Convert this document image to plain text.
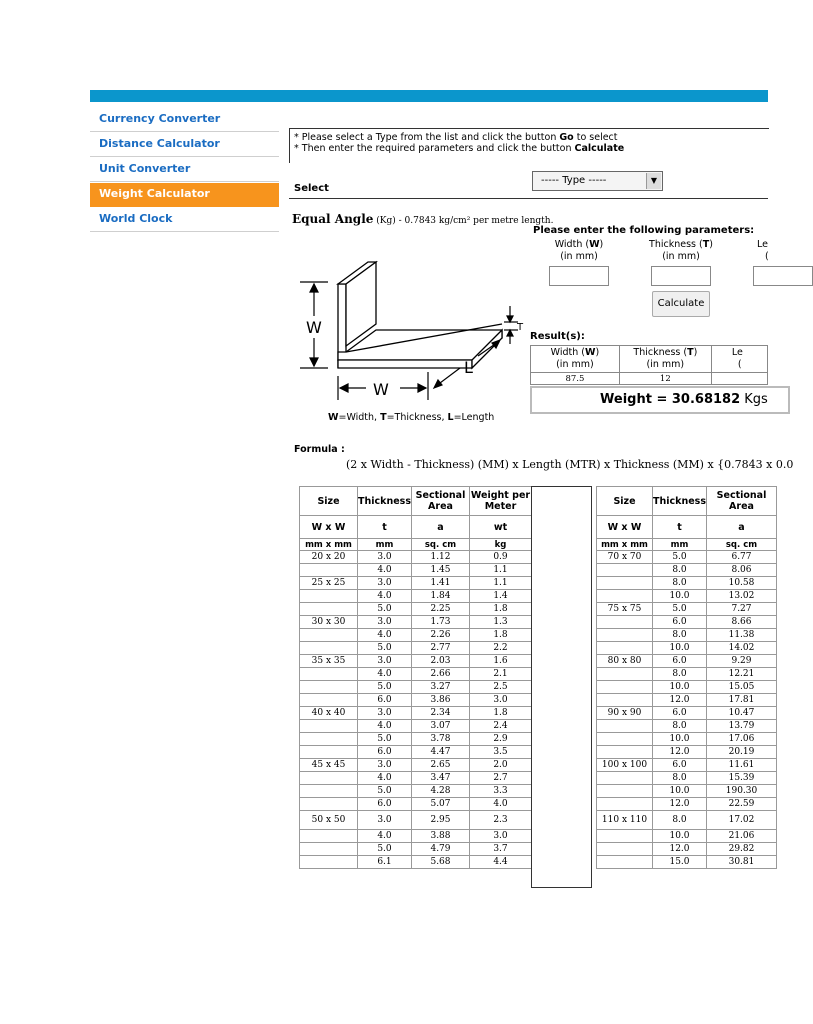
Currency Converter
Distance Calculator
Unit Converter
Weight Calculator
World Clock
* Please select a Type from the list and click the button Go to select
* Then enter the required parameters and click the button Calculate
Select
----- Type -----	▼
Equal Angle (Kg) - 0.7843 kg/cm² per metre length.
W
W
L
T
W=Width, T=Thickness, L=Length
Please enter the following parameters:
Width (W)
(in mm)
Thickness (T)
(in mm)
Le
(
Calculate
Result(s):
Width (W)
(in mm)	Thickness (T)
(in mm)	Le
(
87.5	12	
Weight = 30.68182 Kgs
Formula :
(2 x Width - Thickness) (MM) x Length (MTR) x Thickness (MM) x {0.7843 x 0.0
Size	Thickness	Sectional Area	Weight per Meter
W x W	t	a	wt
mm x mm	mm	sq. cm	kg
20 x 20	3.0	1.12	0.9
	4.0	1.45	1.1
25 x 25	3.0	1.41	1.1
	4.0	1.84	1.4
	5.0	2.25	1.8
30 x 30	3.0	1.73	1.3
	4.0	2.26	1.8
	5.0	2.77	2.2
35 x 35	3.0	2.03	1.6
	4.0	2.66	2.1
	5.0	3.27	2.5
	6.0	3.86	3.0
40 x 40	3.0	2.34	1.8
	4.0	3.07	2.4
	5.0	3.78	2.9
	6.0	4.47	3.5
45 x 45	3.0	2.65	2.0
	4.0	3.47	2.7
	5.0	4.28	3.3
	6.0	5.07	4.0
50 x 50	3.0	2.95	2.3
	4.0	3.88	3.0
	5.0	4.79	3.7
	6.1	5.68	4.4
Size	Thickness	Sectional Area
W x W	t	a
mm x mm	mm	sq. cm
70 x 70	5.0	6.77
	8.0	8.06
	8.0	10.58
	10.0	13.02
75 x 75	5.0	7.27
	6.0	8.66
	8.0	11.38
	10.0	14.02
80 x 80	6.0	9.29
	8.0	12.21
	10.0	15.05
	12.0	17.81
90 x 90	6.0	10.47
	8.0	13.79
	10.0	17.06
	12.0	20.19
100 x 100	6.0	11.61
	8.0	15.39
	10.0	190.30
	12.0	22.59
110 x 110	8.0	17.02
	10.0	21.06
	12.0	29.82
	15.0	30.81
